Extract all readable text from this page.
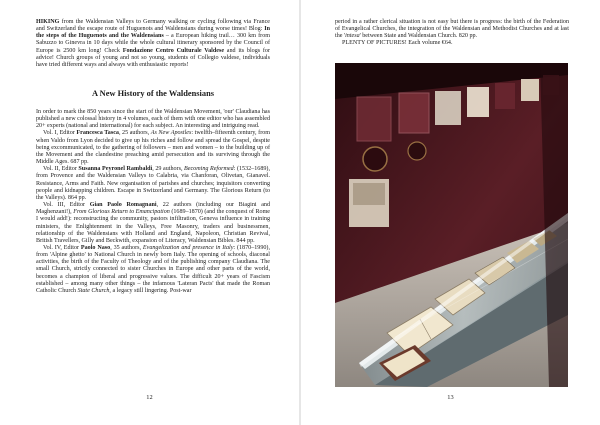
HIKING from the Waldensian Valleys to Germany walking or cycling following via France and Switzerland the escape route of Huguenots and Waldensians during worse times! Blog: In the steps of the Huguenots and the Waldensians – a European hiking trail… 300 km from Sabuzzo to Ginevra in 10 days while the whole cultural itinerary sponsored by the Council of Europe is 2500 km long! Check Fondazione Centro Culturale Valdese and its blogs for advice! Church groups of young and not so young, students of Collegio valdese, individuals have tried different ways and always with enthusiastic reports!

A New History of the Waldensians

In order to mark the 850 years since the start of the Waldensian Movement, 'our' Claudiana has published a new colossal history in 4 volumes, each of them with one editor who has assembled 20+ experts (national and international) for each subject. An interesting and intriguing read.

Vol. I, Editor Francesca Tasca, 25 authors, As New Apostles: twelfth–fifteenth century, from when Valdo from Lyon decided to give up his riches and follow and spread the Gospel, despite being excommunicated, to the gathering of followers – men and women – to the building up of the Movement and the clandestine preaching amid persecution and its surviving through the Middle Ages. 687 pp.

Vol. II, Editor Susanna Peyronel Rambaldi, 29 authors, Becoming Reformed: (1532–1689), from Provence and the Waldensian Valleys to Calabria, via Chanforan, Olivetan, Gianavel. Resistance, Arms and Faith. New organisation of parishes and churches; inquisitors converting people and kidnapping children. Escape in Switzerland and Germany. The Glorious Return (to the Valleys). 864 pp.

Vol. III, Editor Gian Paolo Romagnani, 22 authors (including our Biagini and Maghenzani!), From Glorious Return to Emancipation (1689–1870) (and the conquest of Rome I would add!): reconstructing the community, pastors infiltration, Geneva influence in training ministers, the Enlightenment in the Valleys, Free Masonry, traders and businessmen, relationship of the Waldensians with Holland and England, Napoleon, Christian Revival, British Travellers, Gilly and Beckwith, expansion of Literacy, Waldensian Bibles. 844 pp.

Vol. IV, Editor Paolo Naso, 35 authors, Evangelization and presence in Italy: (1870–1990), from 'Alpine ghetto' to National Church in newly born Italy. The opening of schools, diaconal activities, the birth of the Faculty of Theology and of the publishing company Claudiana. The small Church, strictly connected to sister Churches in Europe and other parts of the world, becomes a champion of liberal and progressive values. The difficult 20+ years of Fascism established – among many other things – the infamous 'Lateran Pacts' that made the Roman Catholic Church State Church, a legacy still lingering. Post-war

12

period in a rather clerical situation is not easy but there is progress: the birth of the Federation of Evangelical Churches, the integration of the Waldensian and Methodist Churches and at last the 'intesa' between State and Waldensian Church. 820 pp.

PLENTY OF PICTURES! Each volume €64.

13
